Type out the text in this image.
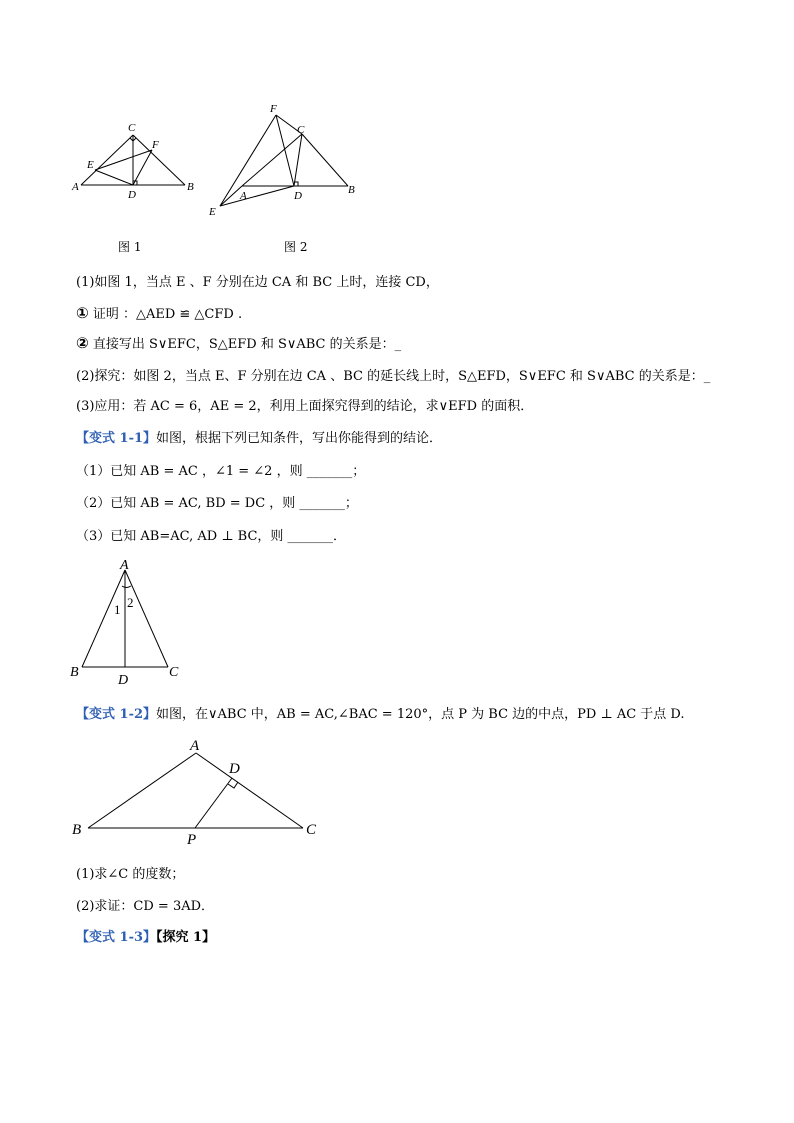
C
F
E
A
D
B
图 1
F
C
A	D	B
E
图 2
(1)如图 1，当点 E 、F 分别在边 CA 和 BC 上时，连接 CD，
① 证明 ：△AED ≌ △CFD .
② 直接写出 S∨EFC，S△EFD 和 S∨ABC 的关系是：_
(2)探究：如图 2，当点 E、F 分别在边 CA 、BC 的延长线上时，S△EFD，S∨EFC 和 S∨ABC 的关系是：_
(3)应用：若 AC = 6，AE = 2，利用上面探究得到的结论，求∨EFD 的面积．
【变式 1-1】如图，根据下列已知条件，写出你能得到的结论．
（1）已知 AB = AC ，∠1 = ∠2 ，则 _______；
（2）已知 AB = AC, BD = DC ，则 _______；
（3）已知 AB=AC, AD ⊥ BC，则 _______．
A
B	C
D
1 2
【变式 1-2】如图，在∨ABC 中，AB = AC,∠BAC = 120°，点 P 为 BC 边的中点，PD ⊥ AC 于点 D.
A
D
B
P
C
(1)求∠C 的度数；
(2)求证：CD = 3AD．
【变式 1-3】【探究 1】
